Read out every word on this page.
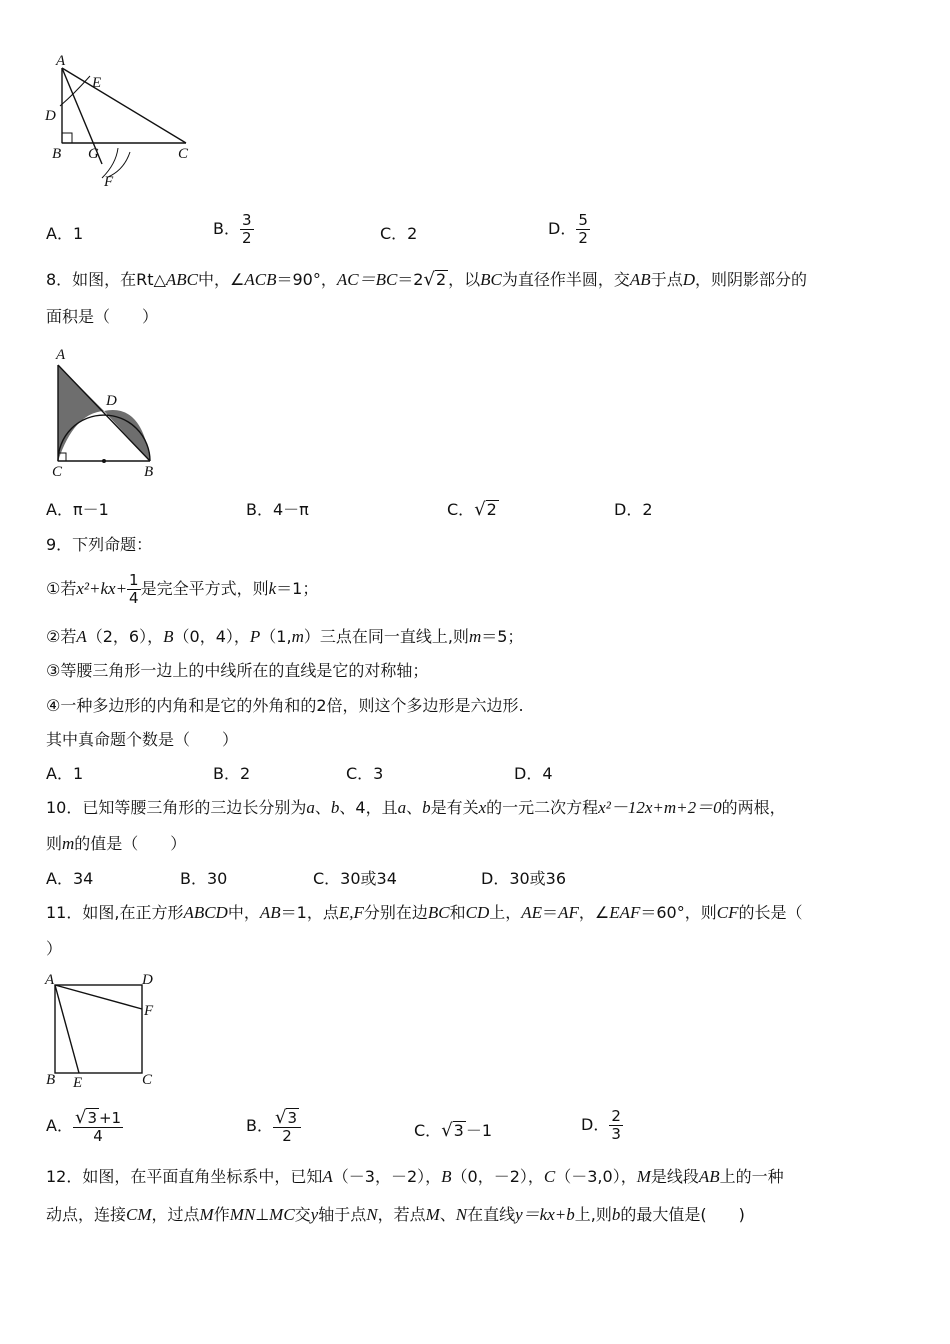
A
E
D
B G	C
F
A．1	B． $\frac{3}{2}$	C．2	D． $\frac{5}{2}$
8．如图，在Rt△ABC中，∠ACB＝90°，AC＝BC＝2√2 ，以BC为直径作半圆，交AB于点D，则阴影部分的
面积是（　　）
A
D
C	B
A．π－1	B．4－π	C．√2	D．2
9．下列命题：
①若$x^2+kx+ \frac{1}{4}$ 是完全平方式，则k＝1；
②若A（2，6），B（0，4），P（1,m）三点在同一直线上,则m＝5；
③等腰三角形一边上的中线所在的直线是它的对称轴；
④一种多边形的内角和是它的外角和的2倍，则这个多边形是六边形.
其中真命题个数是（　　）
A．1	B．2	C．3	D．4
10．已知等腰三角形的三边长分别为a、b、4，且a、b是有关x的一元二次方程x²－12x+m+2＝0的两根，
则m的值是（　　）
A．34	B．30	C．30或34	D．30或36
11．如图,在正方形ABCD中，AB＝1，点E,F分别在边BC和CD上，AE＝AF，∠EAF＝60°，则CF的长是（
）
A	D
F
B E	C
A． $\frac{√3 +1}{4}$	B． $\frac{√3}{2}$	C．√3 －1	D． $\frac{2}{3}$
12．如图，在平面直角坐标系中，已知A（－3，－2），B（0，－2），C（－3,0），M是线段AB上的一种
动点，连接CM，过点M作MN⊥MC交y轴于点N，若点M、N在直线y＝kx+b上,则b的最大值是(　　)
